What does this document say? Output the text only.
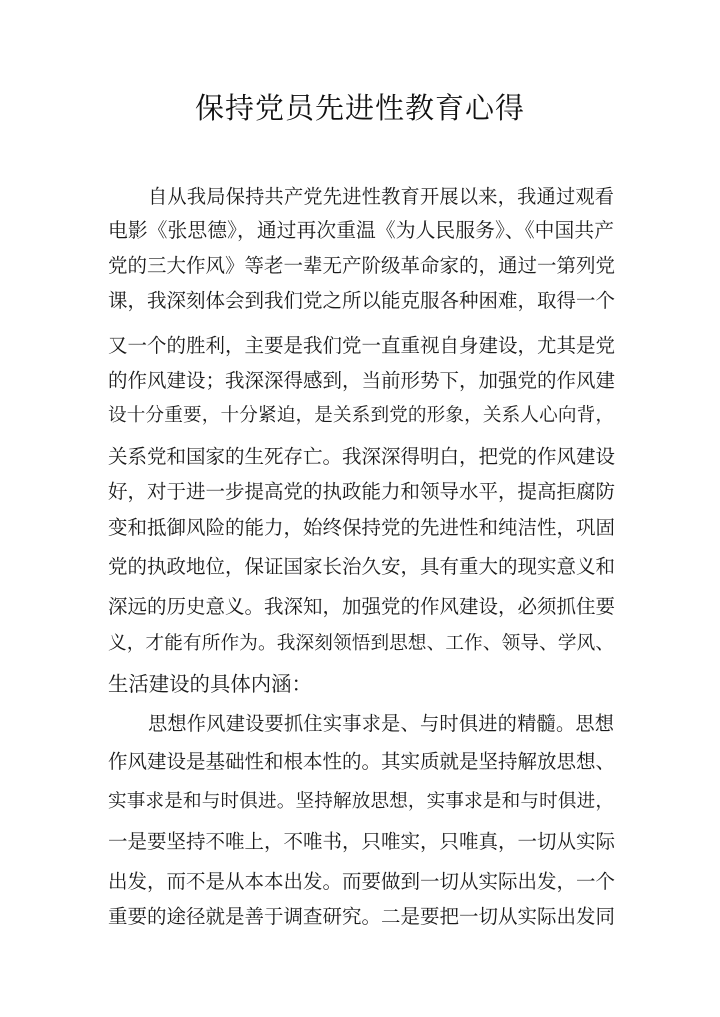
保持党员先进性教育心得
自从我局保持共产党先进性教育开展以来，我通过观看
电影《张思德》，通过再次重温《为人民服务》、《中国共产
党的三大作风》等老一辈无产阶级革命家的，通过一第列党
课，我深刻体会到我们党之所以能克服各种困难，取得一个
又一个的胜利，主要是我们党一直重视自身建设，尤其是党
的作风建设；我深深得感到，当前形势下，加强党的作风建
设十分重要，十分紧迫，是关系到党的形象，关系人心向背，
关系党和国家的生死存亡。我深深得明白，把党的作风建设
好，对于进一步提高党的执政能力和领导水平，提高拒腐防
变和抵御风险的能力，始终保持党的先进性和纯洁性，巩固
党的执政地位，保证国家长治久安，具有重大的现实意义和
深远的历史意义。我深知，加强党的作风建设，必须抓住要
义，才能有所作为。我深刻领悟到思想、工作、领导、学风、
生活建设的具体内涵：
思想作风建设要抓住实事求是、与时俱进的精髓。思想
作风建设是基础性和根本性的。其实质就是坚持解放思想、
实事求是和与时俱进。坚持解放思想，实事求是和与时俱进，
一是要坚持不唯上，不唯书，只唯实，只唯真，一切从实际
出发，而不是从本本出发。而要做到一切从实际出发，一个
重要的途径就是善于调查研究。二是要把一切从实际出发同
